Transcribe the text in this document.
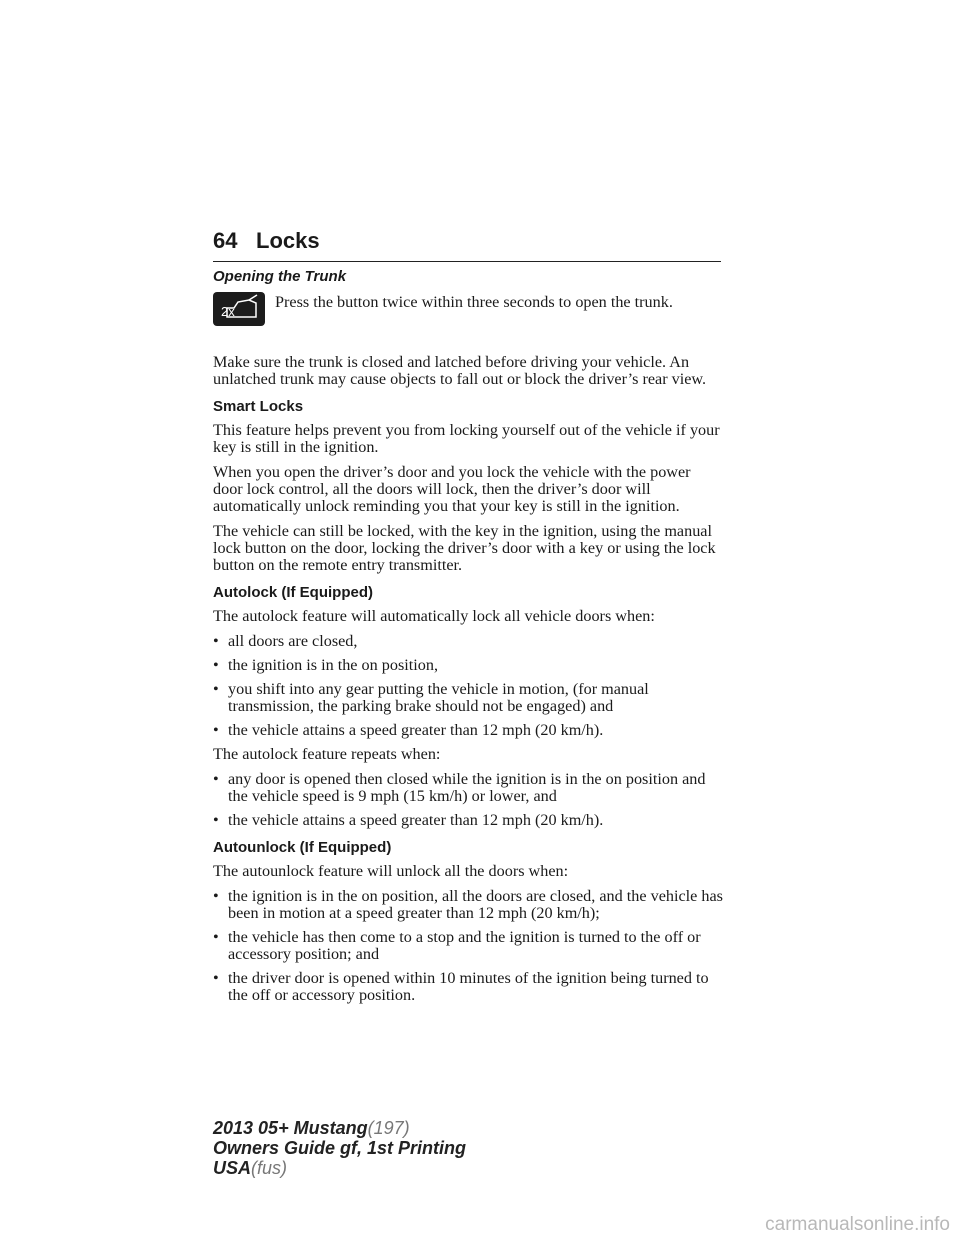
64 Locks
Opening the Trunk
2x
Press the button twice within three seconds to open the trunk.

Make sure the trunk is closed and latched before driving your vehicle. An unlatched trunk may cause objects to fall out or block the driver’s rear view.

Smart Locks

This feature helps prevent you from locking yourself out of the vehicle if your key is still in the ignition.

When you open the driver’s door and you lock the vehicle with the power door lock control, all the doors will lock, then the driver’s door will automatically unlock reminding you that your key is still in the ignition.

The vehicle can still be locked, with the key in the ignition, using the manual lock button on the door, locking the driver’s door with a key or using the lock button on the remote entry transmitter.

Autolock (If Equipped)

The autolock feature will automatically lock all vehicle doors when:

• all doors are closed,
• the ignition is in the on position,
• you shift into any gear putting the vehicle in motion, (for manual transmission, the parking brake should not be engaged) and
• the vehicle attains a speed greater than 12 mph (20 km/h).

The autolock feature repeats when:

• any door is opened then closed while the ignition is in the on position and the vehicle speed is 9 mph (15 km/h) or lower, and
• the vehicle attains a speed greater than 12 mph (20 km/h).
Autounlock (If Equipped)

The autounlock feature will unlock all the doors when:

• the ignition is in the on position, all the doors are closed, and the vehicle has been in motion at a speed greater than 12 mph (20 km/h);
• the vehicle has then come to a stop and the ignition is turned to the off or accessory position; and
• the driver door is opened within 10 minutes of the ignition being turned to the off or accessory position.
2013 05+ Mustang(197)
Owners Guide gf, 1st Printing
USA(fus)
carmanualsonline.info
